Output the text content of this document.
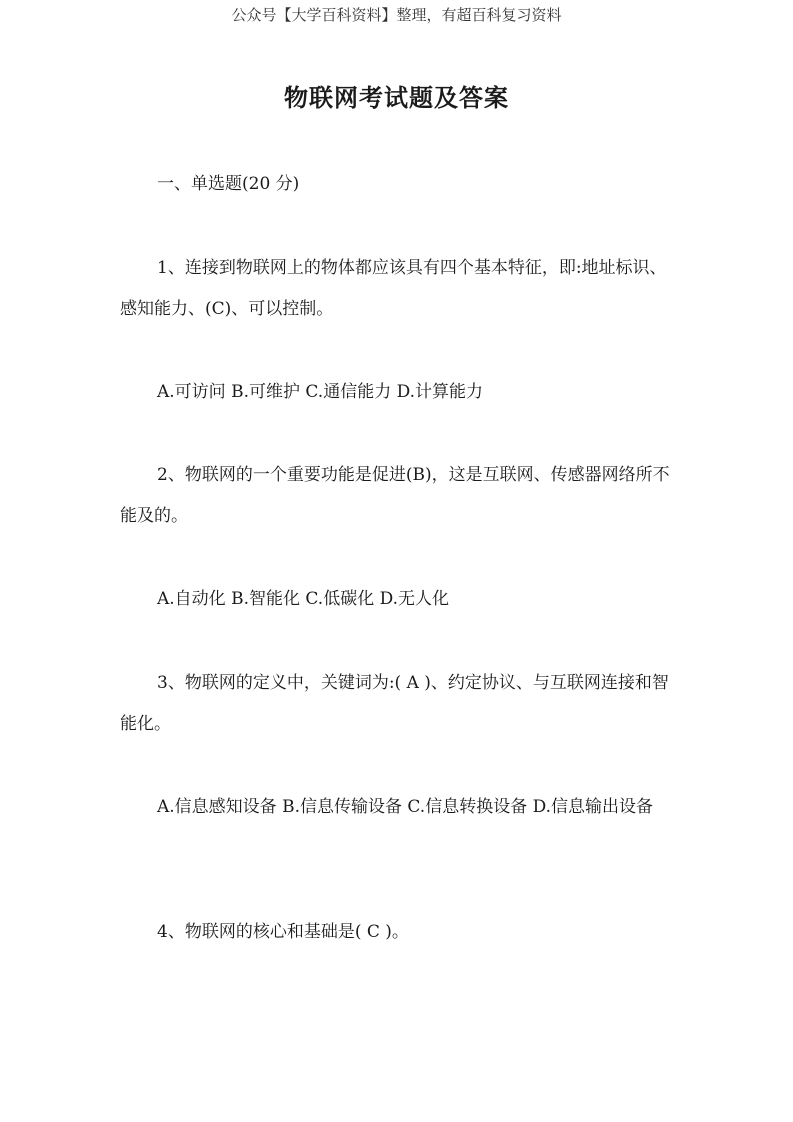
公众号【大学百科资料】整理，有超百科复习资料
物联网考试题及答案
一、单选题(20 分)
1、连接到物联网上的物体都应该具有四个基本特征，即:地址标识、感知能力、(C)、可以控制。
A.可访问 B.可维护 C.通信能力 D.计算能力
2、物联网的一个重要功能是促进(B)，这是互联网、传感器网络所不能及的。
A.自动化 B.智能化 C.低碳化 D.无人化
3、物联网的定义中，关键词为:( A )、约定协议、与互联网连接和智能化。
A.信息感知设备 B.信息传输设备 C.信息转换设备 D.信息输出设备
4、物联网的核心和基础是( C )。
